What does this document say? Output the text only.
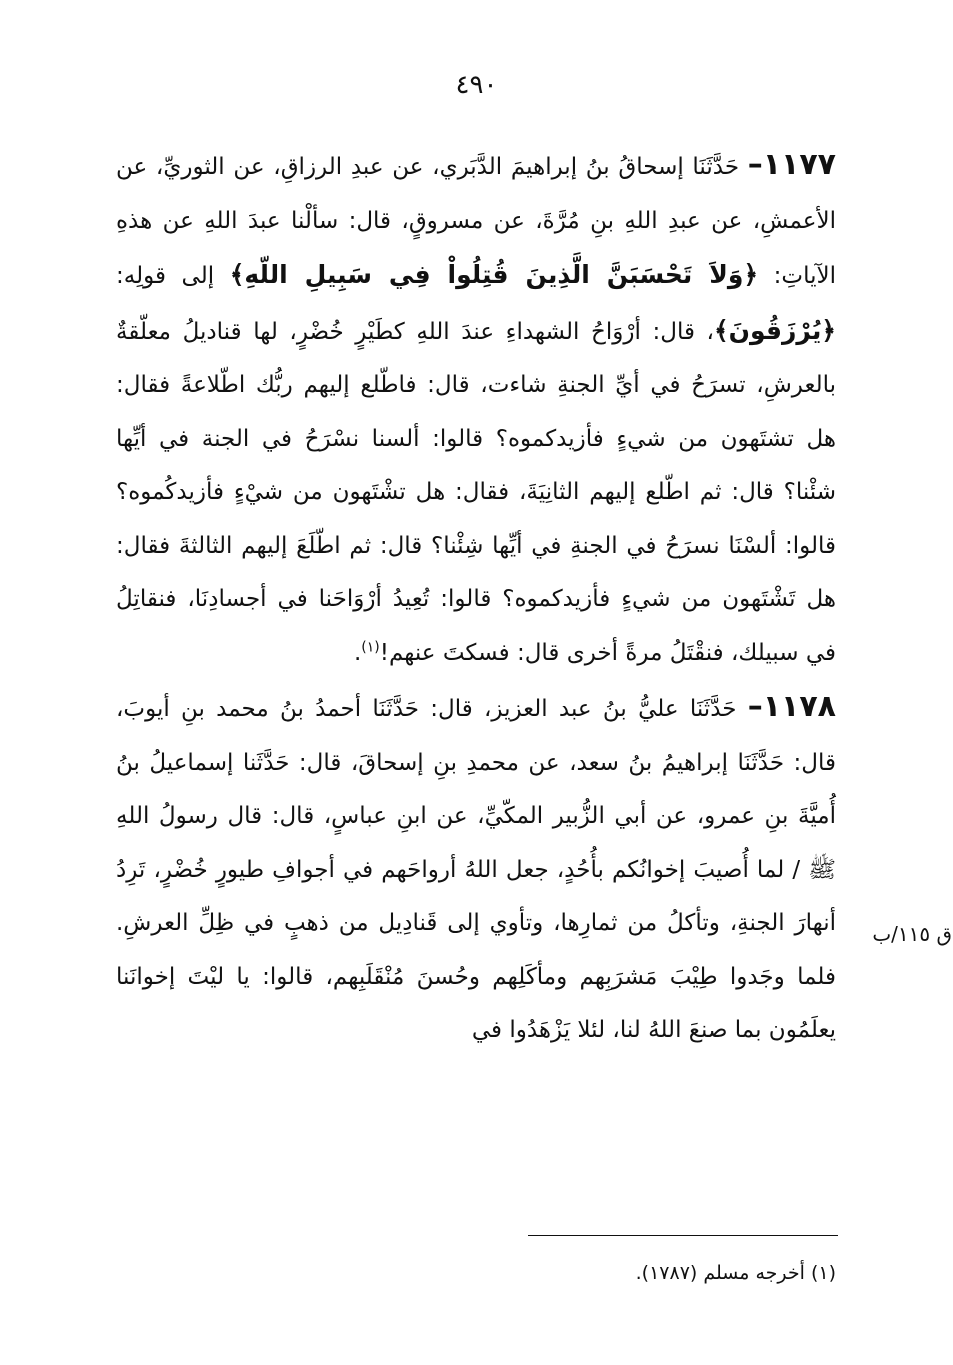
٤٩٠

١١٧٧– حَدَّثَنَا إسحاقُ بنُ إبراهيمَ الدَّبَري، عن عبدِ الرزاقِ، عن الثوريِّ، عن الأعمشِ، عن عبدِ اللهِ بنِ مُرَّةَ، عن مسروقٍ، قال: سألْنا عبدَ اللهِ عن هذهِ الآياتِ: ﴿وَلاَ تَحْسَبَنَّ الَّذِينَ قُتِلُواْ فِي سَبِيلِ اللّهِ﴾ إلى قولِه: ﴿يُرْزَقُونَ﴾، قال: أرْوَاحُ الشهداءِ عندَ اللهِ كطَيْرٍ خُضْرٍ، لها قناديلُ معلّقةٌ بالعرشِ، تسرَحُ في أيِّ الجنةِ شاءت، قال: فاطّلع إليهم ربُّك اطّلاعةً فقال: هل تشتَهون من شيءٍ فأزيدكموه؟ قالوا: ألسنا نسْرَحُ في الجنة في أيِّها شئْنا؟ قال: ثم اطّلع إليهم الثانِيَةَ، فقال: هل تشْتَهون من شيْءٍ فأزيدكُموه؟ قالوا: ألسْنَا نسرَحُ في الجنةِ في أيِّها شِئْنا؟ قال: ثم اطّلَعَ إليهم الثالثةَ فقال: هل تَشْتَهون من شيءٍ فأزيدكموه؟ قالوا: تُعِيدُ أرْوَاحَنا في أجسادِنَا، فنقاتِلُ في سبيلك، فنقْتَلُ مرةً أخرى قال: فسكتَ عنهم!$^{(١)}$.

١١٧٨– حَدَّثَنَا عليُّ بنُ عبد العزيز، قال: حَدَّثَنَا أحمدُ بنُ محمد بنِ أيوبَ، قال: حَدَّثَنَا إبراهيمُ بنُ سعد، عن محمدِ بنِ إسحاقَ، قال: حَدَّثَنا إسماعيلُ بنُ أُميَّةَ بنِ عمرو، عن أبي الزُّبير المكّيِّ، عن ابنِ عباسٍ، قال: قال رسولُ اللهِ ﷺ / لما أُصيبَ إخوانُكم بأُحُدٍ، جعل اللهُ أرواحَهم في أجوافِ طيورٍ خُضْرٍ، تَرِدُ أنهارَ الجنةِ، وتأكلُ من ثمارِها، وتأوي إلى قَنادِيل من ذهبٍ في ظِلِّ العرشِ. فلما وجَدوا طِيْبَ مَشرَبِهم ومأكَلِهم وحُسنَ مُنْقَلَبِهم، قالوا: يا ليْتَ إخوانَنا يعلَمُون بما صنعَ اللهُ لنا، لئلا يَزْهَدُوا في

ق ١١٥/ب
(١) أخرجه مسلم (١٧٨٧).
